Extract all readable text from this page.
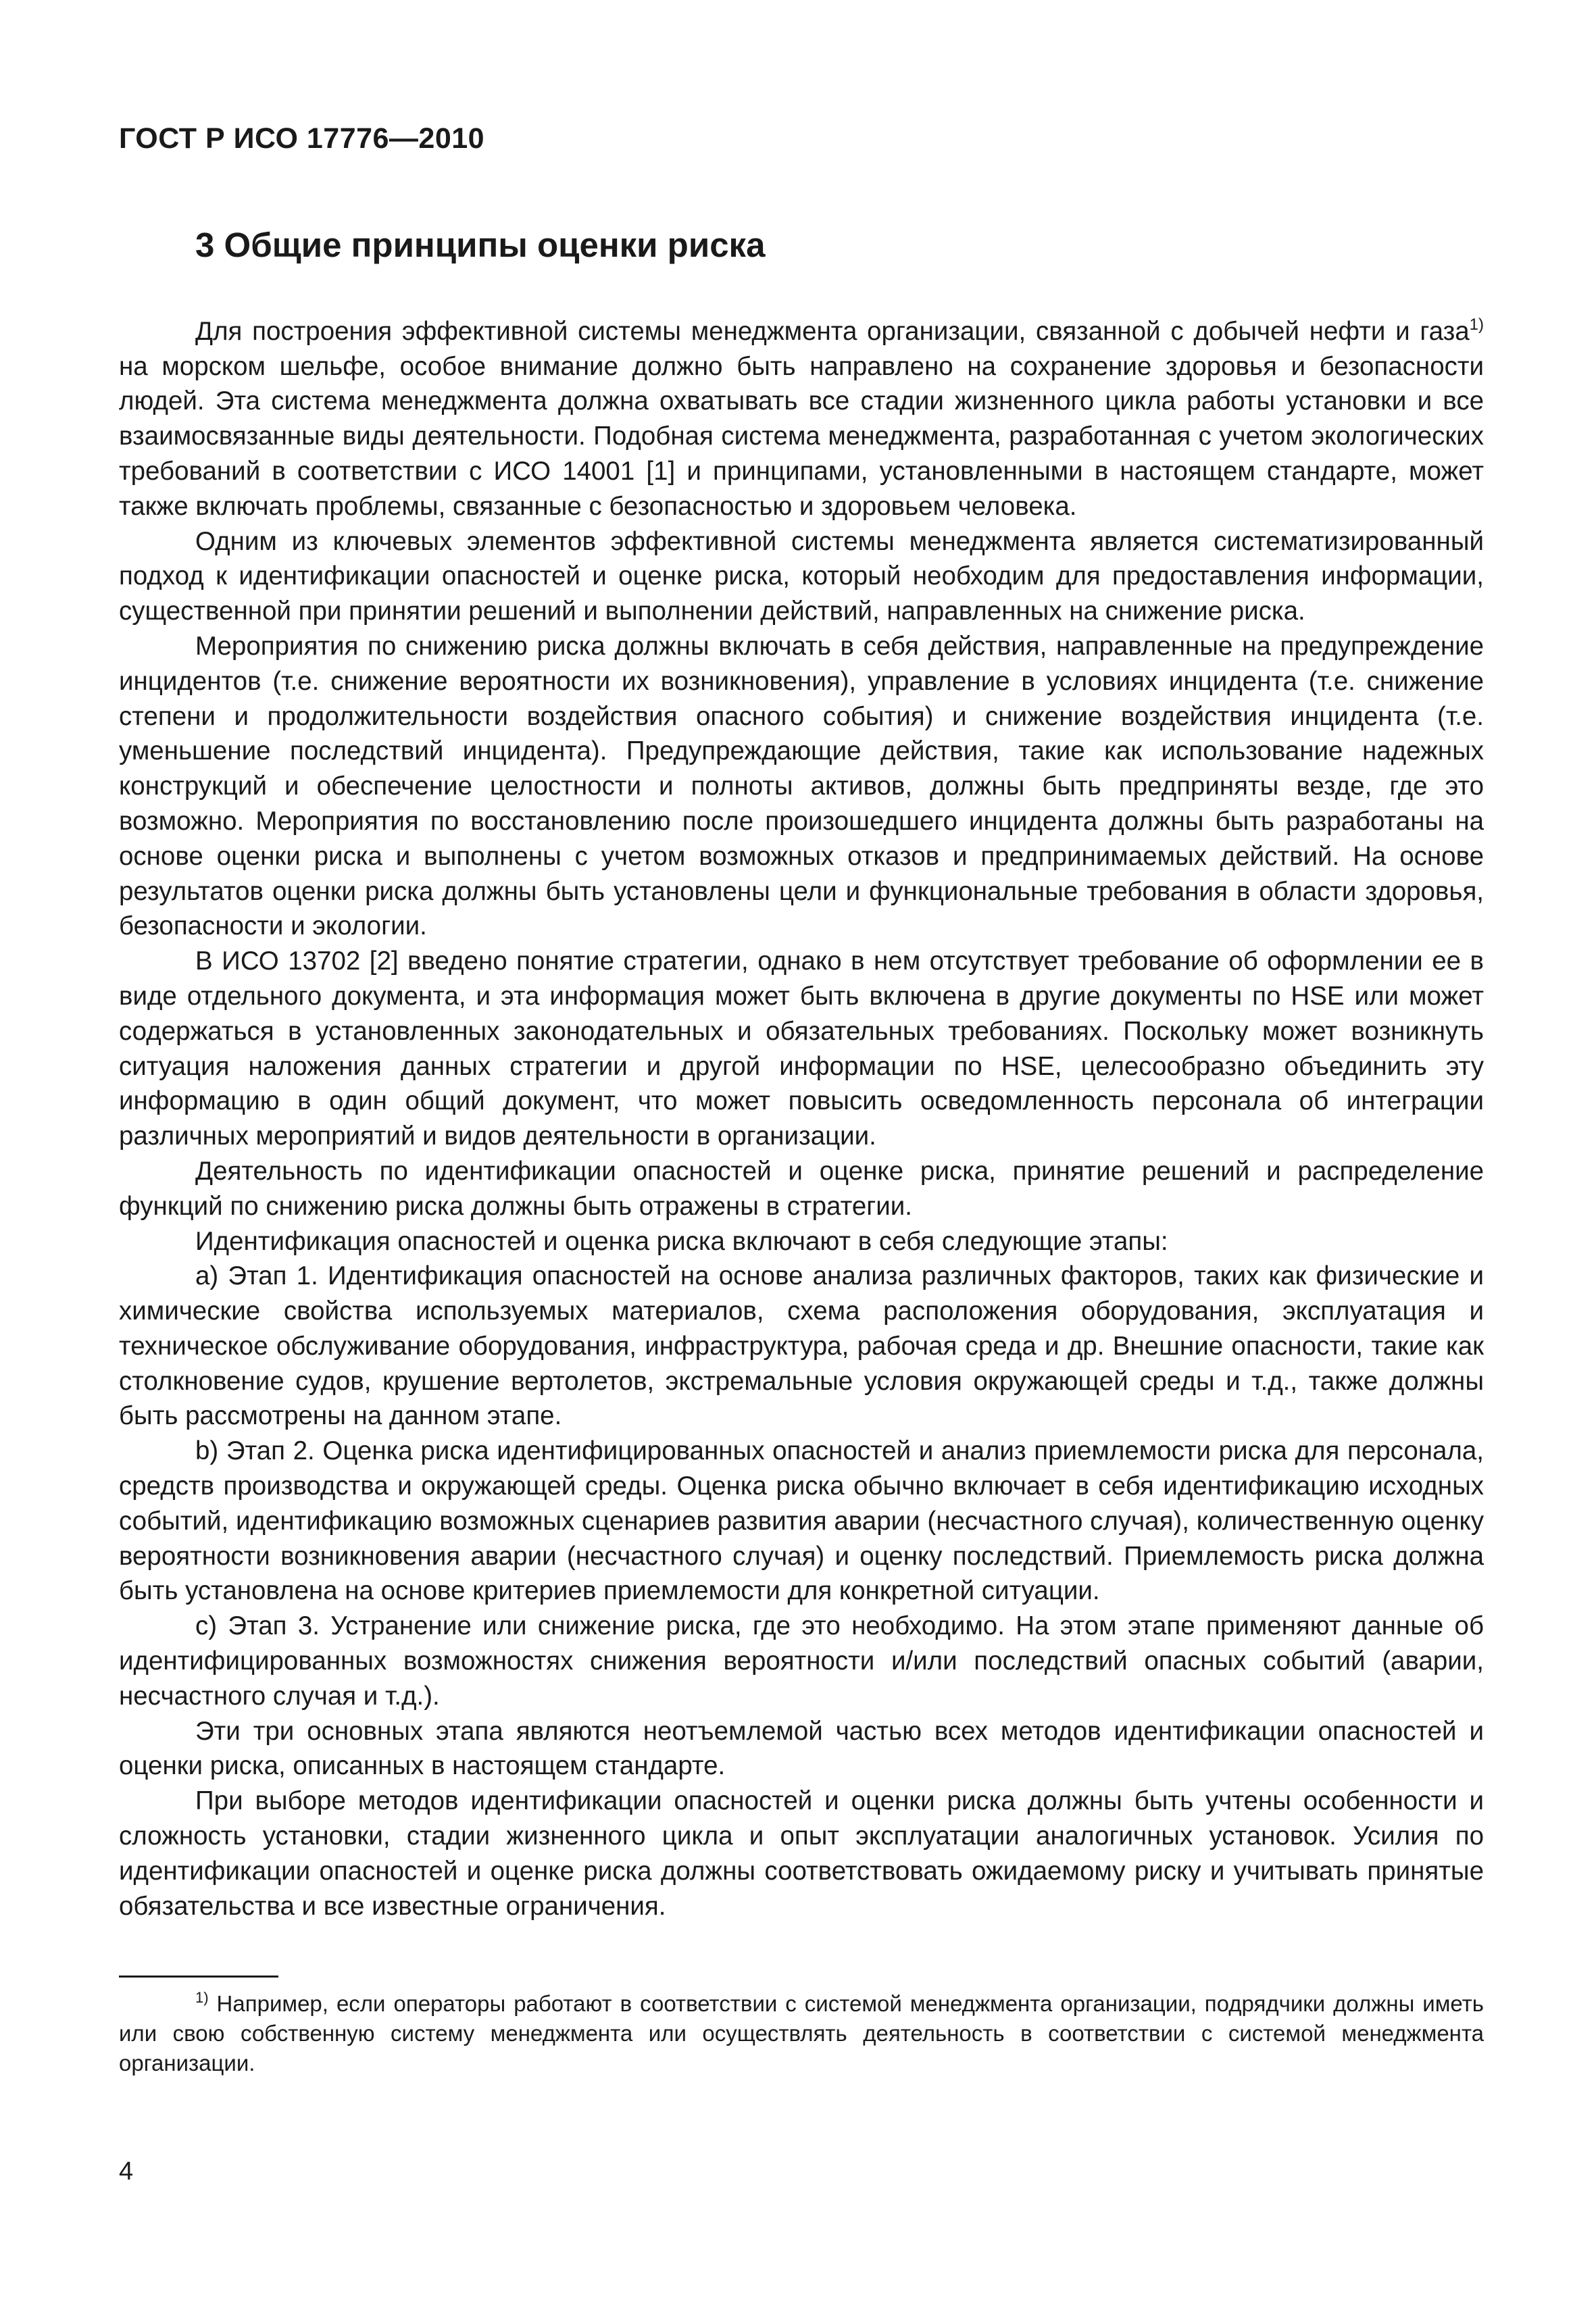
ГОСТ Р ИСО 17776—2010

3 Общие принципы оценки риска

Для построения эффективной системы менеджмента организации, связанной с добычей нефти и газа$^{1)}$ на морском шельфе, особое внимание должно быть направлено на сохранение здоровья и безопасности людей. Эта система менеджмента должна охватывать все стадии жизненного цикла работы установки и все взаимосвязанные виды деятельности. Подобная система менеджмента, разработанная с учетом экологических требований в соответствии с ИСО 14001 [1] и принципами, установленными в настоящем стандарте, может также включать проблемы, связанные с безопасностью и здоровьем человека.

Одним из ключевых элементов эффективной системы менеджмента является систематизированный подход к идентификации опасностей и оценке риска, который необходим для предоставления информации, существенной при принятии решений и выполнении действий, направленных на снижение риска.

Мероприятия по снижению риска должны включать в себя действия, направленные на предупреждение инцидентов (т.е. снижение вероятности их возникновения), управление в условиях инцидента (т.е. снижение степени и продолжительности воздействия опасного события) и снижение воздействия инцидента (т.е. уменьшение последствий инцидента). Предупреждающие действия, такие как использование надежных конструкций и обеспечение целостности и полноты активов, должны быть предприняты везде, где это возможно. Мероприятия по восстановлению после произошедшего инцидента должны быть разработаны на основе оценки риска и выполнены с учетом возможных отказов и предпринимаемых действий. На основе результатов оценки риска должны быть установлены цели и функциональные требования в области здоровья, безопасности и экологии.

В ИСО 13702 [2] введено понятие стратегии, однако в нем отсутствует требование об оформлении ее в виде отдельного документа, и эта информация может быть включена в другие документы по HSE или может содержаться в установленных законодательных и обязательных требованиях. Поскольку может возникнуть ситуация наложения данных стратегии и другой информации по HSE, целесообразно объединить эту информацию в один общий документ, что может повысить осведомленность персонала об интеграции различных мероприятий и видов деятельности в организации.

Деятельность по идентификации опасностей и оценке риска, принятие решений и распределение функций по снижению риска должны быть отражены в стратегии.

Идентификация опасностей и оценка риска включают в себя следующие этапы:

a) Этап 1. Идентификация опасностей на основе анализа различных факторов, таких как физические и химические свойства используемых материалов, схема расположения оборудования, эксплуатация и техническое обслуживание оборудования, инфраструктура, рабочая среда и др. Внешние опасности, такие как столкновение судов, крушение вертолетов, экстремальные условия окружающей среды и т.д., также должны быть рассмотрены на данном этапе.

b) Этап 2. Оценка риска идентифицированных опасностей и анализ приемлемости риска для персонала, средств производства и окружающей среды. Оценка риска обычно включает в себя идентификацию исходных событий, идентификацию возможных сценариев развития аварии (несчастного случая), количественную оценку вероятности возникновения аварии (несчастного случая) и оценку последствий. Приемлемость риска должна быть установлена на основе критериев приемлемости для конкретной ситуации.

c) Этап 3. Устранение или снижение риска, где это необходимо. На этом этапе применяют данные об идентифицированных возможностях снижения вероятности и/или последствий опасных событий (аварии, несчастного случая и т.д.).

Эти три основных этапа являются неотъемлемой частью всех методов идентификации опасностей и оценки риска, описанных в настоящем стандарте.

При выборе методов идентификации опасностей и оценки риска должны быть учтены особенности и сложность установки, стадии жизненного цикла и опыт эксплуатации аналогичных установок. Усилия по идентификации опасностей и оценке риска должны соответствовать ожидаемому риску и учитывать принятые обязательства и все известные ограничения.

$^{1)}$ Например, если операторы работают в соответствии с системой менеджмента организации, подрядчики должны иметь или свою собственную систему менеджмента или осуществлять деятельность в соответствии с системой менеджмента организации.

4
